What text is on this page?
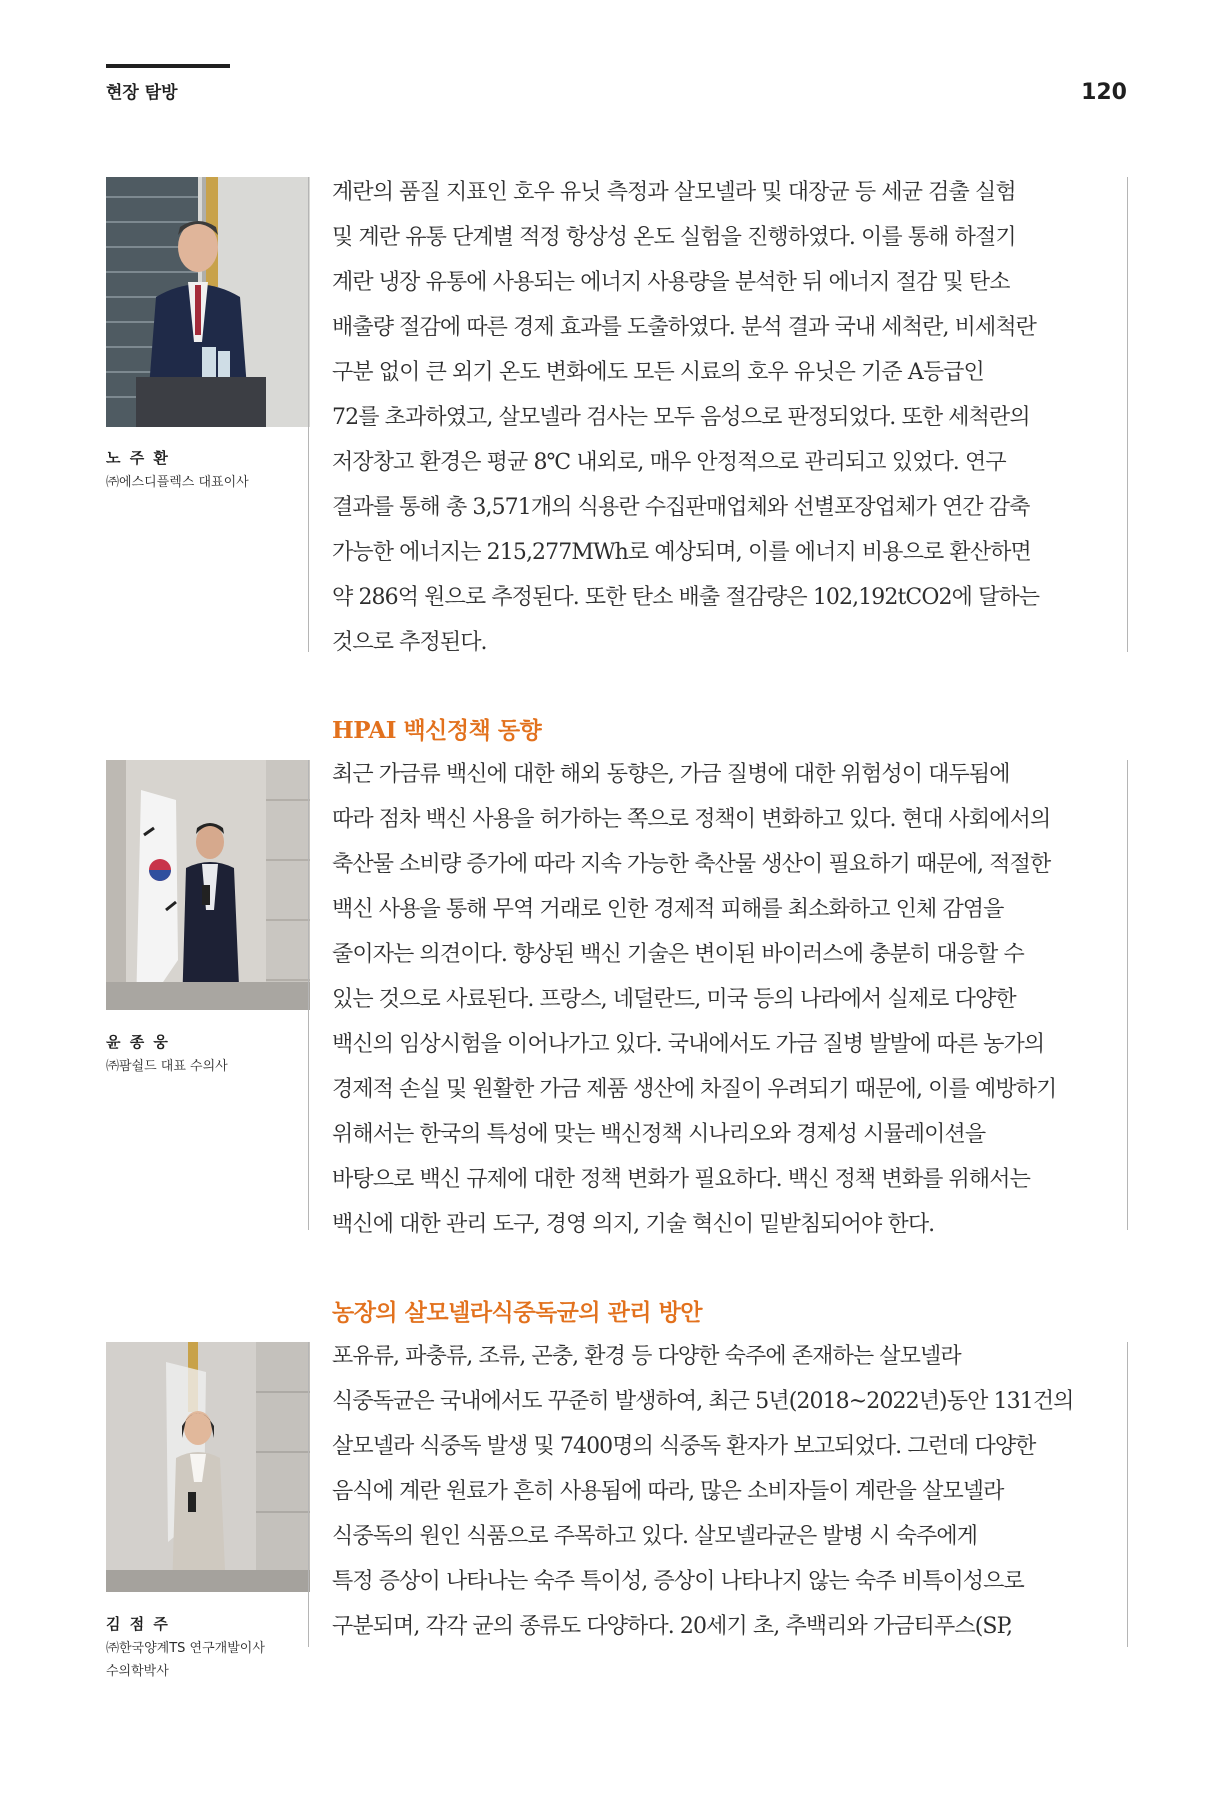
현장 탐방	120
노 주 환
㈜에스디플렉스 대표이사
계란의 품질 지표인 호우 유닛 측정과 살모넬라 및 대장균 등 세균 검출 실험
및 계란 유통 단계별 적정 항상성 온도 실험을 진행하였다. 이를 통해 하절기
계란 냉장 유통에 사용되는 에너지 사용량을 분석한 뒤 에너지 절감 및 탄소
배출량 절감에 따른 경제 효과를 도출하였다. 분석 결과 국내 세척란, 비세척란
구분 없이 큰 외기 온도 변화에도 모든 시료의 호우 유닛은 기준 A등급인
72를 초과하였고, 살모넬라 검사는 모두 음성으로 판정되었다. 또한 세척란의
저장창고 환경은 평균 8℃ 내외로, 매우 안정적으로 관리되고 있었다. 연구
결과를 통해 총 3,571개의 식용란 수집판매업체와 선별포장업체가 연간 감축
가능한 에너지는 215,277MWh로 예상되며, 이를 에너지 비용으로 환산하면
약 286억 원으로 추정된다. 또한 탄소 배출 절감량은 102,192tCO2에 달하는
것으로 추정된다.
HPAI 백신정책 동향
윤 종 웅
㈜팜쉴드 대표 수의사
최근 가금류 백신에 대한 해외 동향은, 가금 질병에 대한 위험성이 대두됨에
따라 점차 백신 사용을 허가하는 쪽으로 정책이 변화하고 있다. 현대 사회에서의
축산물 소비량 증가에 따라 지속 가능한 축산물 생산이 필요하기 때문에, 적절한
백신 사용을 통해 무역 거래로 인한 경제적 피해를 최소화하고 인체 감염을
줄이자는 의견이다. 향상된 백신 기술은 변이된 바이러스에 충분히 대응할 수
있는 것으로 사료된다. 프랑스, 네덜란드, 미국 등의 나라에서 실제로 다양한
백신의 임상시험을 이어나가고 있다. 국내에서도 가금 질병 발발에 따른 농가의
경제적 손실 및 원활한 가금 제품 생산에 차질이 우려되기 때문에, 이를 예방하기
위해서는 한국의 특성에 맞는 백신정책 시나리오와 경제성 시뮬레이션을
바탕으로 백신 규제에 대한 정책 변화가 필요하다. 백신 정책 변화를 위해서는
백신에 대한 관리 도구, 경영 의지, 기술 혁신이 밑받침되어야 한다.
농장의 살모넬라식중독균의 관리 방안
김 점 주
㈜한국양계TS 연구개발이사
수의학박사
포유류, 파충류, 조류, 곤충, 환경 등 다양한 숙주에 존재하는 살모넬라
식중독균은 국내에서도 꾸준히 발생하여, 최근 5년(2018~2022년)동안 131건의
살모넬라 식중독 발생 및 7400명의 식중독 환자가 보고되었다. 그런데 다양한
음식에 계란 원료가 흔히 사용됨에 따라, 많은 소비자들이 계란을 살모넬라
식중독의 원인 식품으로 주목하고 있다. 살모넬라균은 발병 시 숙주에게
특정 증상이 나타나는 숙주 특이성, 증상이 나타나지 않는 숙주 비특이성으로
구분되며, 각각 균의 종류도 다양하다. 20세기 초, 추백리와 가금티푸스(SP,
